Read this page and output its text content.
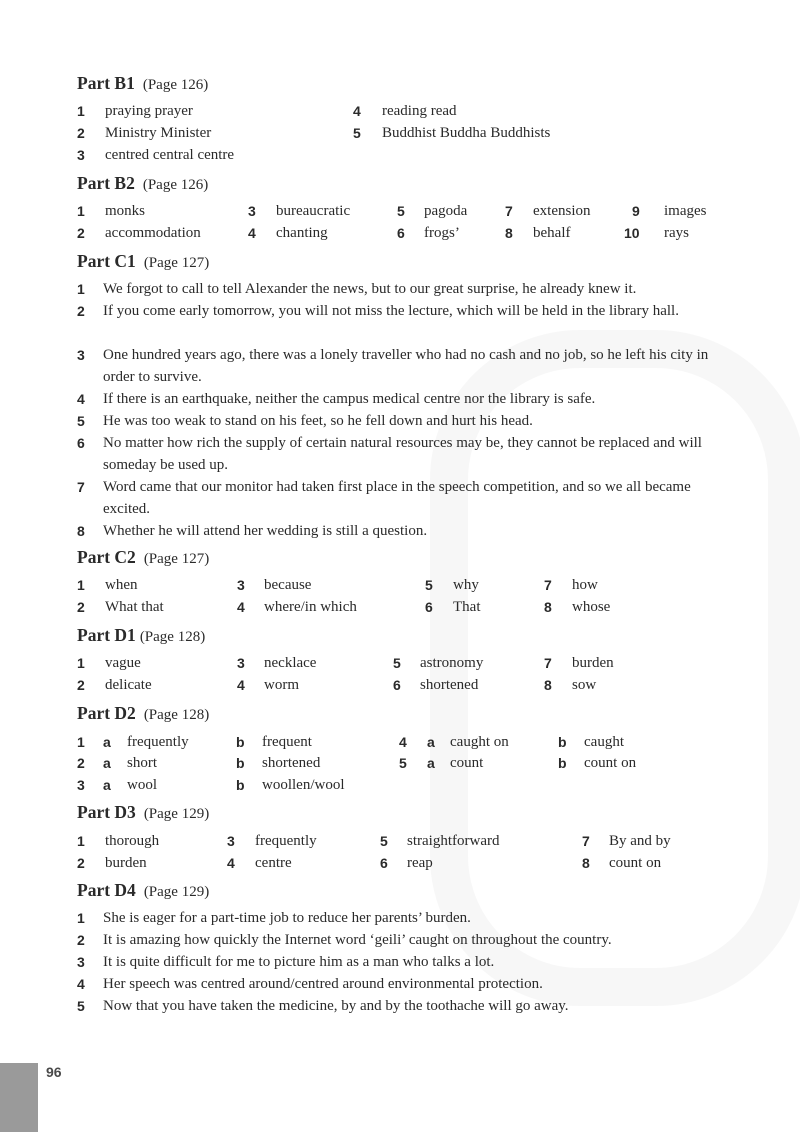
Part B1 (Page 126)
1 praying prayer
2 Ministry Minister
3 centred central centre
4 reading read
5 Buddhist Buddha Buddhists
Part B2 (Page 126)
1 monks
2 accommodation
3 bureaucratic
4 chanting
5 pagoda
6 frogs’
7 extension
8 behalf
9 images
10 rays
Part C1 (Page 127)
1 We forgot to call to tell Alexander the news, but to our great surprise, he already knew it.
2 If you come early tomorrow, you will not miss the lecture, which will be held in the library hall.
3 One hundred years ago, there was a lonely traveller who had no cash and no job, so he left his city in order to survive.
4 If there is an earthquake, neither the campus medical centre nor the library is safe.
5 He was too weak to stand on his feet, so he fell down and hurt his head.
6 No matter how rich the supply of certain natural resources may be, they cannot be replaced and will someday be used up.
7 Word came that our monitor had taken first place in the speech competition, and so we all became excited.
8 Whether he will attend her wedding is still a question.
Part C2 (Page 127)
1 when
2 What that
3 because
4 where/in which
5 why
6 That
7 how
8 whose
Part D1 (Page 128)
1 vague
2 delicate
3 necklace
4 worm
5 astronomy
6 shortened
7 burden
8 sow
Part D2 (Page 128)
1 a frequently	b frequent
2 a short	b shortened
3 a wool	b woollen/wool
4 a caught on	b caught
5 a count	b count on
Part D3 (Page 129)
1 thorough
2 burden
3 frequently
4 centre
5 straightforward
6 reap
7 By and by
8 count on
Part D4 (Page 129)
1 She is eager for a part-time job to reduce her parents’ burden.
2 It is amazing how quickly the Internet word ‘geili’ caught on throughout the country.
3 It is quite difficult for me to picture him as a man who talks a lot.
4 Her speech was centred around/centred around environmental protection.
5 Now that you have taken the medicine, by and by the toothache will go away.
96
